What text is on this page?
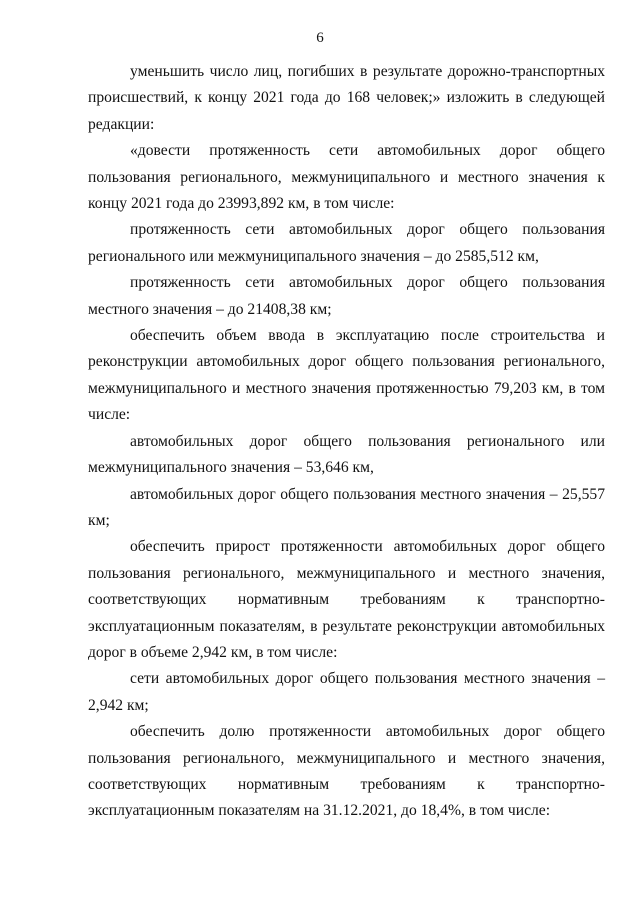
6

уменьшить число лиц, погибших в результате дорожно-транспортных происшествий, к концу 2021 года до 168 человек;» изложить в следующей редакции:

«довести протяженность сети автомобильных дорог общего пользования регионального, межмуниципального и местного значения к концу 2021 года до 23993,892 км, в том числе:

протяженность сети автомобильных дорог общего пользования регионального или межмуниципального значения – до 2585,512 км,

протяженность сети автомобильных дорог общего пользования местного значения – до 21408,38 км;

обеспечить объем ввода в эксплуатацию после строительства и реконструкции автомобильных дорог общего пользования регионального, межмуниципального и местного значения протяженностью 79,203 км, в том числе:

автомобильных дорог общего пользования регионального или межмуниципального значения – 53,646 км,

автомобильных дорог общего пользования местного значения – 25,557 км;

обеспечить прирост протяженности автомобильных дорог общего пользования регионального, межмуниципального и местного значения, соответствующих нормативным требованиям к транспортно-эксплуатационным показателям, в результате реконструкции автомобильных дорог в объеме 2,942 км, в том числе:

сети автомобильных дорог общего пользования местного значения – 2,942 км;

обеспечить долю протяженности автомобильных дорог общего пользования регионального, межмуниципального и местного значения, соответствующих нормативным требованиям к транспортно-эксплуатационным показателям на 31.12.2021, до 18,4%, в том числе:
